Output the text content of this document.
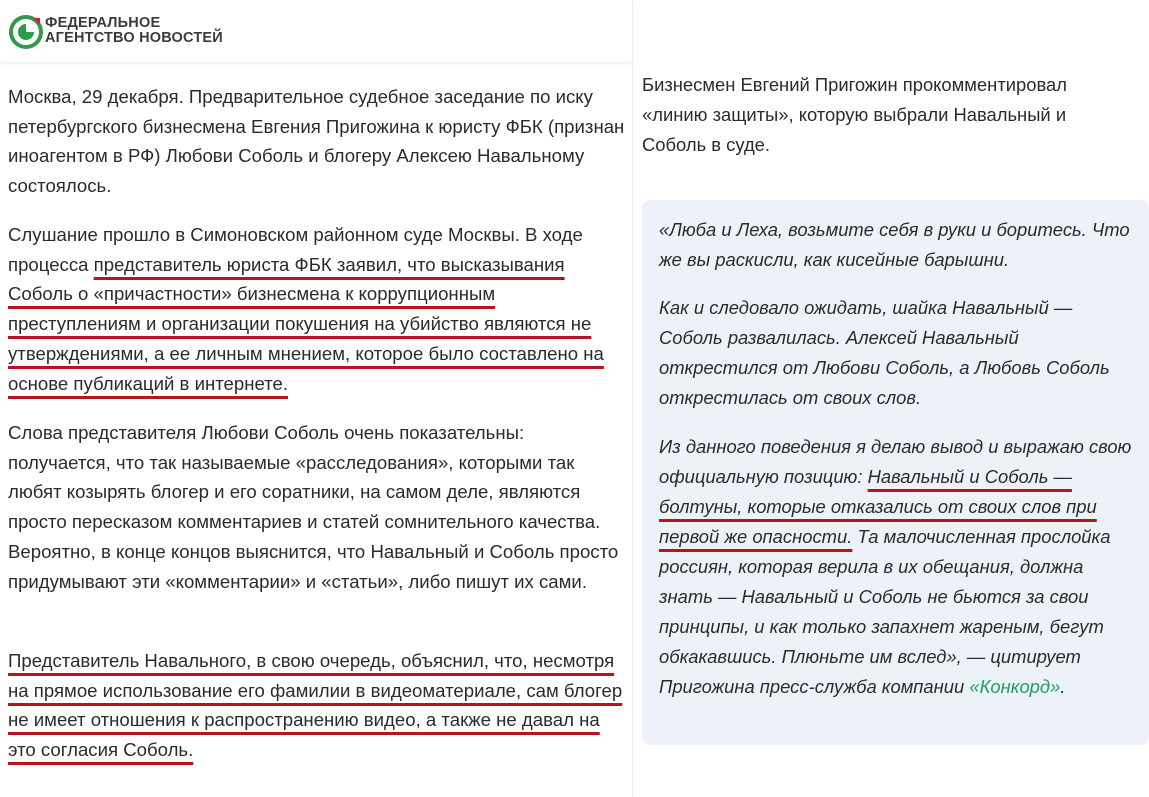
ФЕДЕРАЛЬНОЕ
АГЕНТСТВО НОВОСТЕЙ

Москва, 29 декабря. Предварительное судебное заседание по иску петербургского бизнесмена Евгения Пригожина к юристу ФБК (признан иноагентом в РФ) Любови Соболь и блогеру Алексею Навальному состоялось.

Слушание прошло в Симоновском районном суде Москвы. В ходе процесса представитель юриста ФБК заявил, что высказывания Соболь о «причастности» бизнесмена к коррупционным преступлениям и организации покушения на убийство являются не утверждениями, а ее личным мнением, которое было составлено на основе публикаций в интернете.

Слова представителя Любови Соболь очень показательны: получается, что так называемые «расследования», которыми так любят козырять блогер и его соратники, на самом деле, являются просто пересказом комментариев и статей сомнительного качества. Вероятно, в конце концов выяснится, что Навальный и Соболь просто придумывают эти «комментарии» и «статьи», либо пишут их сами.

Представитель Навального, в свою очередь, объяснил, что, несмотря на прямое использование его фамилии в видеоматериале, сам блогер не имеет отношения к распространению видео, а также не давал на это согласия Соболь.

Бизнесмен Евгений Пригожин прокомментировал «линию защиты», которую выбрали Навальный и Соболь в суде.

«Люба и Леха, возьмите себя в руки и боритесь. Что же вы раскисли, как кисейные барышни.

Как и следовало ожидать, шайка Навальный — Соболь развалилась. Алексей Навальный открестился от Любови Соболь, а Любовь Соболь открестилась от своих слов.

Из данного поведения я делаю вывод и выражаю свою официальную позицию: Навальный и Соболь — болтуны, которые отказались от своих слов при первой же опасности. Та малочисленная прослойка россиян, которая верила в их обещания, должна знать — Навальный и Соболь не бьются за свои принципы, и как только запахнет жареным, бегут обкакавшись. Плюньте им вслед», — цитирует Пригожина пресс-служба компании «Конкорд».
